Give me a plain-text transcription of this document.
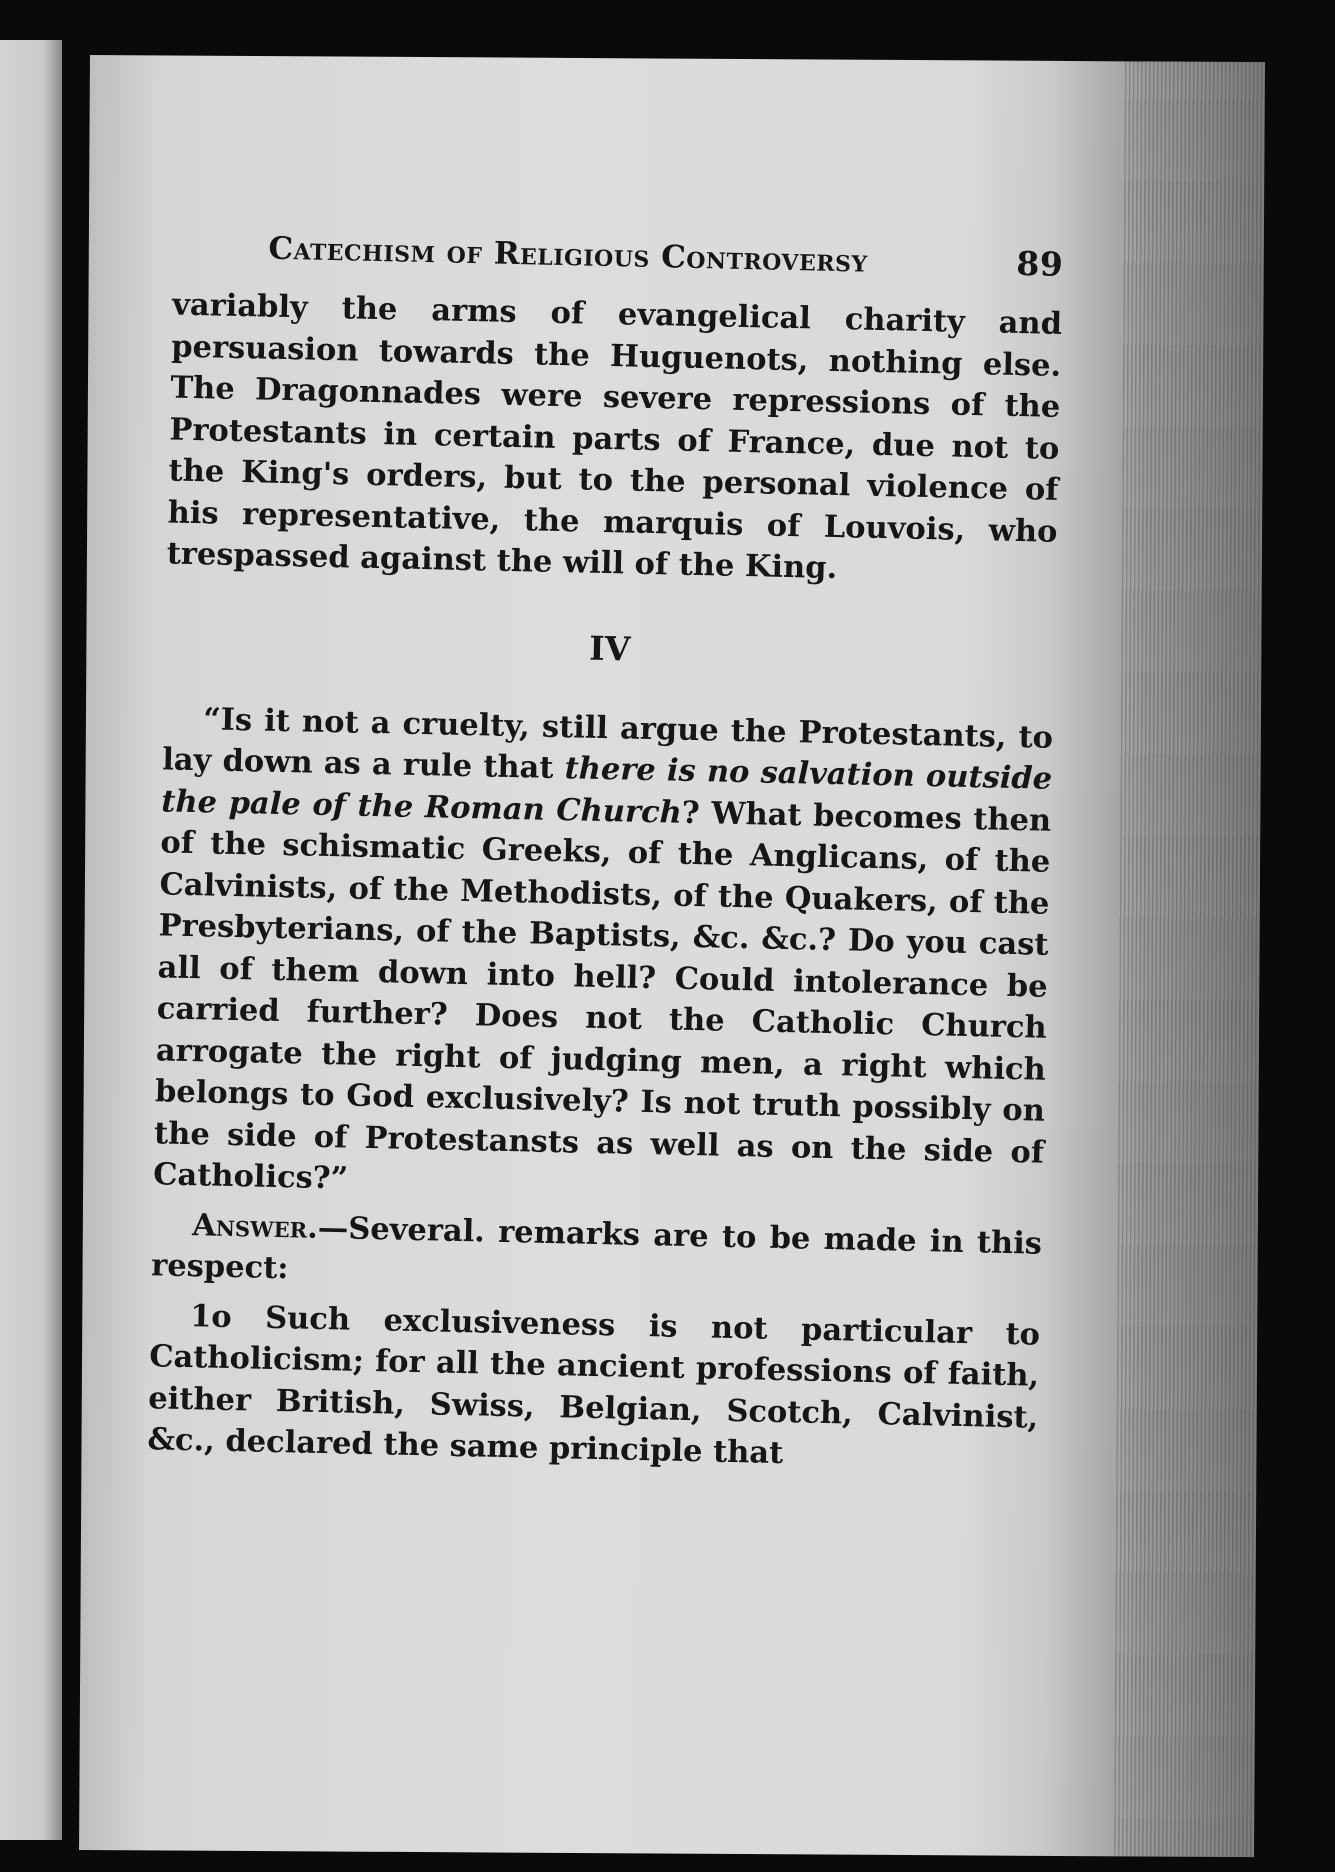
Catechism of Religious Controversy	89

variably the arms of evangelical charity and persuasion towards the Huguenots, nothing else. The Dragonnades were severe repressions of the Protestants in certain parts of France, due not to the King's orders, but to the personal violence of his representative, the marquis of Louvois, who trespassed against the will of the King.

IV

“Is it not a cruelty, still argue the Protestants, to lay down as a rule that there is no salvation outside the pale of the Roman Church? What becomes then of the schismatic Greeks, of the Anglicans, of the Calvinists, of the Methodists, of the Quakers, of the Presbyterians, of the Baptists, &c. &c.? Do you cast all of them down into hell? Could intolerance be carried further? Does not the Catholic Church arrogate the right of judging men, a right which belongs to God exclusively? Is not truth possibly on the side of Protestansts as well as on the side of Catholics?”

Answer.—Several. remarks are to be made in this respect:

1o Such exclusiveness is not particular to Catholicism; for all the ancient professions of faith, either British, Swiss, Belgian, Scotch, Calvinist, &c., declared the same principle that
